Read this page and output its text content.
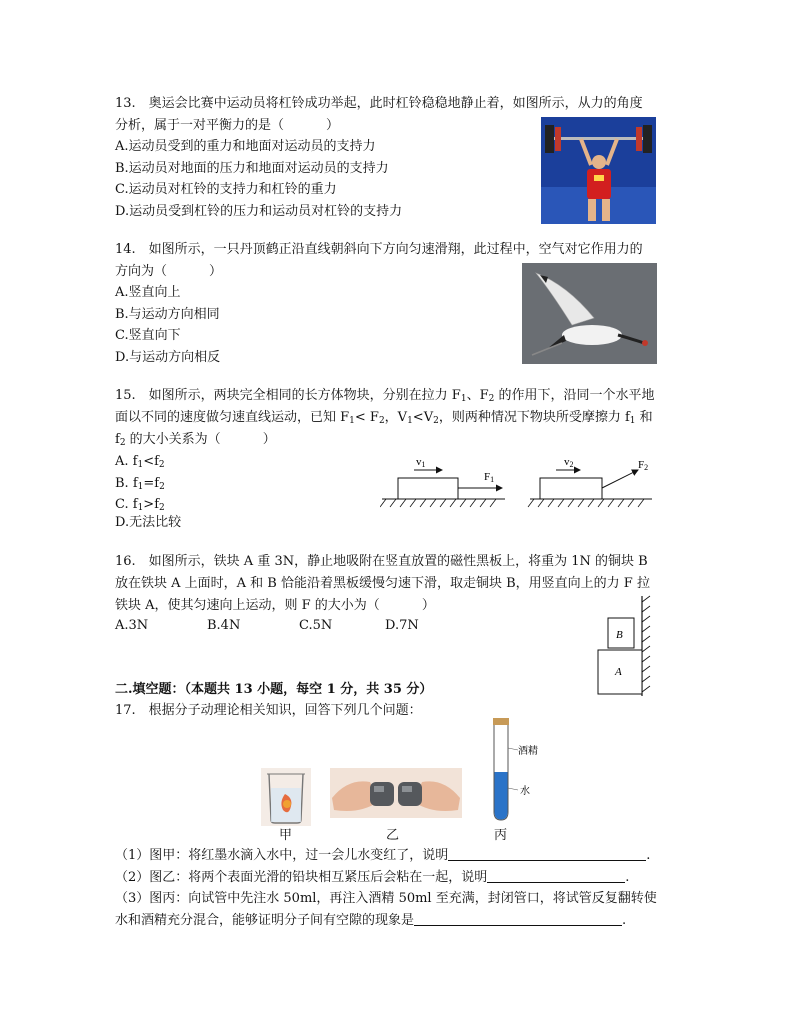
13.　奥运会比赛中运动员将杠铃成功举起，此时杠铃稳稳地静止着，如图所示，从力的角度
分析，属于一对平衡力的是（	）
A.运动员受到的重力和地面对运动员的支持力
B.运动员对地面的压力和地面对运动员的支持力
C.运动员对杠铃的支持力和杠铃的重力
D.运动员受到杠铃的压力和运动员对杠铃的支持力
14.　如图所示，一只丹顶鹤正沿直线朝斜向下方向匀速滑翔，此过程中，空气对它作用力的
方向为（	）
A.竖直向上
B.与运动方向相同
C.竖直向下
D.与运动方向相反
15.　如图所示，两块完全相同的长方体物块，分别在拉力 $F_1$、$F_2$ 的作用下，沿同一个水平地
面以不同的速度做匀速直线运动，已知 $F_1< F_2$，$V_1<V_2$，则两种情况下物块所受摩擦力 $f_1$ 和
$f_2$ 的大小关系为（	）
A. $f_1<f_2$
B. $f_1=f_2$
C. $f_1>f_2$
D.无法比较
v1
F1
v2	F2
16.　如图所示，铁块 A 重 3N，静止地吸附在竖直放置的磁性黑板上，将重为 1N 的铜块 B
放在铁块 A 上面时，A 和 B 恰能沿着黑板缓慢匀速下滑，取走铜块 B，用竖直向上的力 F 拉
铁块 A，使其匀速向上运动，则 F 的大小为（	）
A.3N	B.4N	C.5N	D.7N
B
A
二.填空题：（本题共 13 小题，每空 1 分，共 35 分）
17.　根据分子动理论相关知识，回答下列几个问题：
酒精
水
甲	乙	丙
（1）图甲：将红墨水滴入水中，过一会儿水变红了，说明	.
（2）图乙：将两个表面光滑的铅块相互紧压后会粘在一起，说明	.
（3）图丙：向试管中先注水 50ml，再注入酒精 50ml 至充满，封闭管口，将试管反复翻转使
水和酒精充分混合，能够证明分子间有空隙的现象是	.
